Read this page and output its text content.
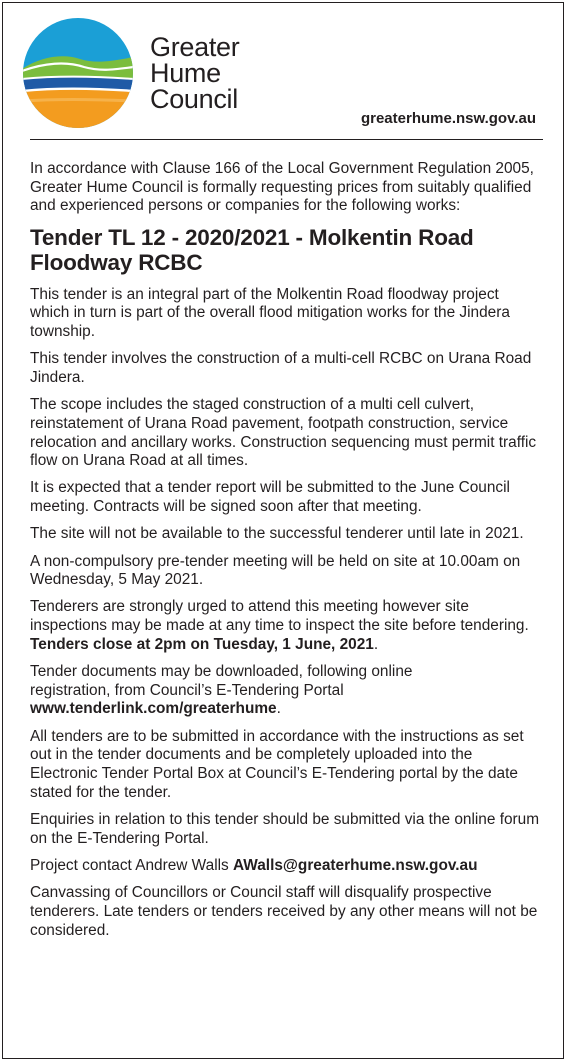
Greater
Hume
Council
greaterhume.nsw.gov.au

In accordance with Clause 166 of the Local Government Regulation 2005, Greater Hume Council is formally requesting prices from suitably qualified and experienced persons or companies for the following works:

Tender TL 12 - 2020/2021 - Molkentin Road Floodway RCBC

This tender is an integral part of the Molkentin Road floodway project which in turn is part of the overall flood mitigation works for the Jindera township.

This tender involves the construction of a multi-cell RCBC on Urana Road Jindera.

The scope includes the staged construction of a multi cell culvert, reinstatement of Urana Road pavement, footpath construction, service relocation and ancillary works. Construction sequencing must permit traffic flow on Urana Road at all times.

It is expected that a tender report will be submitted to the June Council meeting. Contracts will be signed soon after that meeting.

The site will not be available to the successful tenderer until late in 2021.

A non-compulsory pre-tender meeting will be held on site at 10.00am on Wednesday, 5 May 2021.

Tenderers are strongly urged to attend this meeting however site inspections may be made at any time to inspect the site before tendering.  Tenders close at 2pm on Tuesday, 1 June, 2021.

Tender documents may be downloaded, following online registration, from Council’s E-Tendering Portal
www.tenderlink.com/greaterhume.

All tenders are to be submitted in accordance with the instructions as set out in the tender documents and be completely uploaded into the Electronic Tender Portal Box at Council’s E-Tendering portal by the date stated for the tender.

Enquiries in relation to this tender should be submitted via the online forum on the E-Tendering Portal.

Project contact Andrew Walls AWalls@greaterhume.nsw.gov.au

Canvassing of Councillors or Council staff will disqualify prospective tenderers. Late tenders or tenders received by any other means will not be considered.
